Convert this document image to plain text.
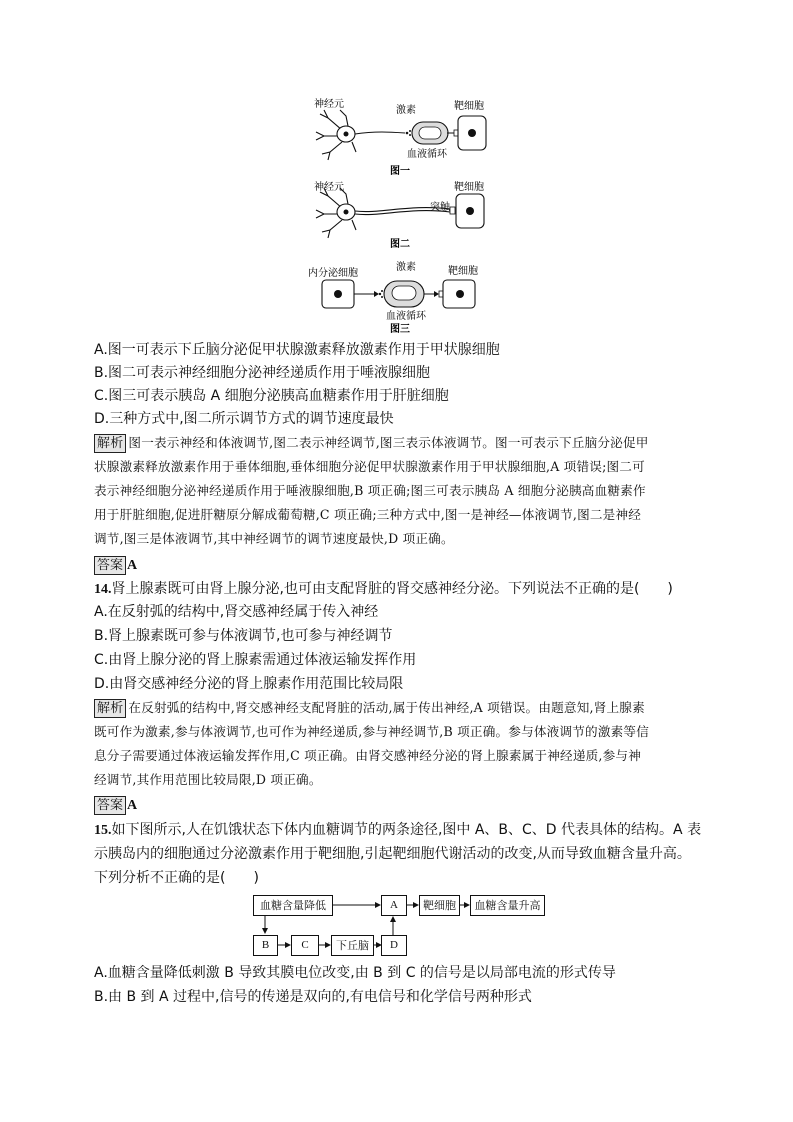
神经元
激素	靶细胞
血液循环
图一
神经元	靶细胞
突触
图二
内分泌细胞
激素	靶细胞
血液循环
图三
A.图一可表示下丘脑分泌促甲状腺激素释放激素作用于甲状腺细胞
B.图二可表示神经细胞分泌神经递质作用于唾液腺细胞
C.图三可表示胰岛 A 细胞分泌胰高血糖素作用于肝脏细胞
D.三种方式中,图二所示调节方式的调节速度最快
解析 图一表示神经和体液调节,图二表示神经调节,图三表示体液调节。图一可表示下丘脑分泌促甲
状腺激素释放激素作用于垂体细胞,垂体细胞分泌促甲状腺激素作用于甲状腺细胞,A 项错误;图二可
表示神经细胞分泌神经递质作用于唾液腺细胞,B 项正确;图三可表示胰岛 A 细胞分泌胰高血糖素作
用于肝脏细胞,促进肝糖原分解成葡萄糖,C 项正确;三种方式中,图一是神经—体液调节,图二是神经
调节,图三是体液调节,其中神经调节的调节速度最快,D 项正确。
答案 A
14.肾上腺素既可由肾上腺分泌,也可由支配肾脏的肾交感神经分泌。下列说法不正确的是(　　)
A.在反射弧的结构中,肾交感神经属于传入神经
B.肾上腺素既可参与体液调节,也可参与神经调节
C.由肾上腺分泌的肾上腺素需通过体液运输发挥作用
D.由肾交感神经分泌的肾上腺素作用范围比较局限
解析 在反射弧的结构中,肾交感神经支配肾脏的活动,属于传出神经,A 项错误。由题意知,肾上腺素
既可作为激素,参与体液调节,也可作为神经递质,参与神经调节,B 项正确。参与体液调节的激素等信
息分子需要通过体液运输发挥作用,C 项正确。由肾交感神经分泌的肾上腺素属于神经递质,参与神
经调节,其作用范围比较局限,D 项正确。
答案 A
15.如下图所示,人在饥饿状态下体内血糖调节的两条途径,图中 A、B、C、D 代表具体的结构。A 表
示胰岛内的细胞通过分泌激素作用于靶细胞,引起靶细胞代谢活动的改变,从而导致血糖含量升高。
下列分析不正确的是(　　)
血糖含量降低	A	靶细胞	血糖含量升高
B	C	下丘脑	D
A.血糖含量降低刺激 B 导致其膜电位改变,由 B 到 C 的信号是以局部电流的形式传导
B.由 B 到 A 过程中,信号的传递是双向的,有电信号和化学信号两种形式
